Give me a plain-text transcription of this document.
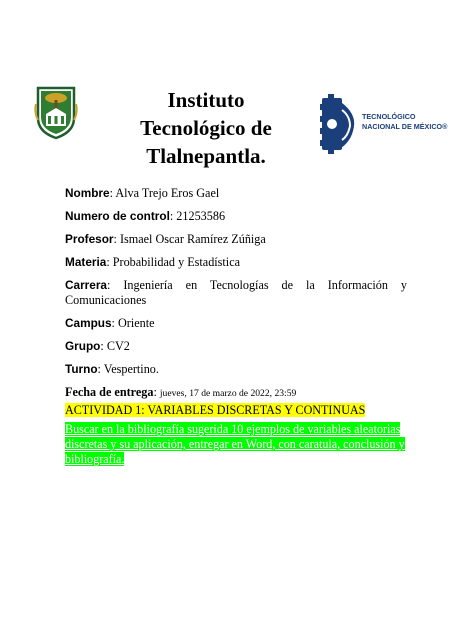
Instituto
Tecnológico de Tlalnepantla.
TECNOLÓGICO
NACIONAL DE MÉXICO®

Nombre: Alva Trejo Eros Gael

Numero de control: 21253586

Profesor: Ismael Oscar Ramírez Zúñiga

Materia: Probabilidad y Estadística

Carrera: Ingeniería en Tecnologías de la Información y Comunicaciones

Campus: Oriente

Grupo: CV2

Turno: Vespertino.

Fecha de entrega: jueves, 17 de marzo de 2022, 23:59

ACTIVIDAD 1: VARIABLES DISCRETAS Y CONTINUAS
Buscar en la bibliografía sugerida 10 ejemplos de variables aleatorias discretas y su aplicación, entregar en Word, con caratula, conclusión y bibliografía.
